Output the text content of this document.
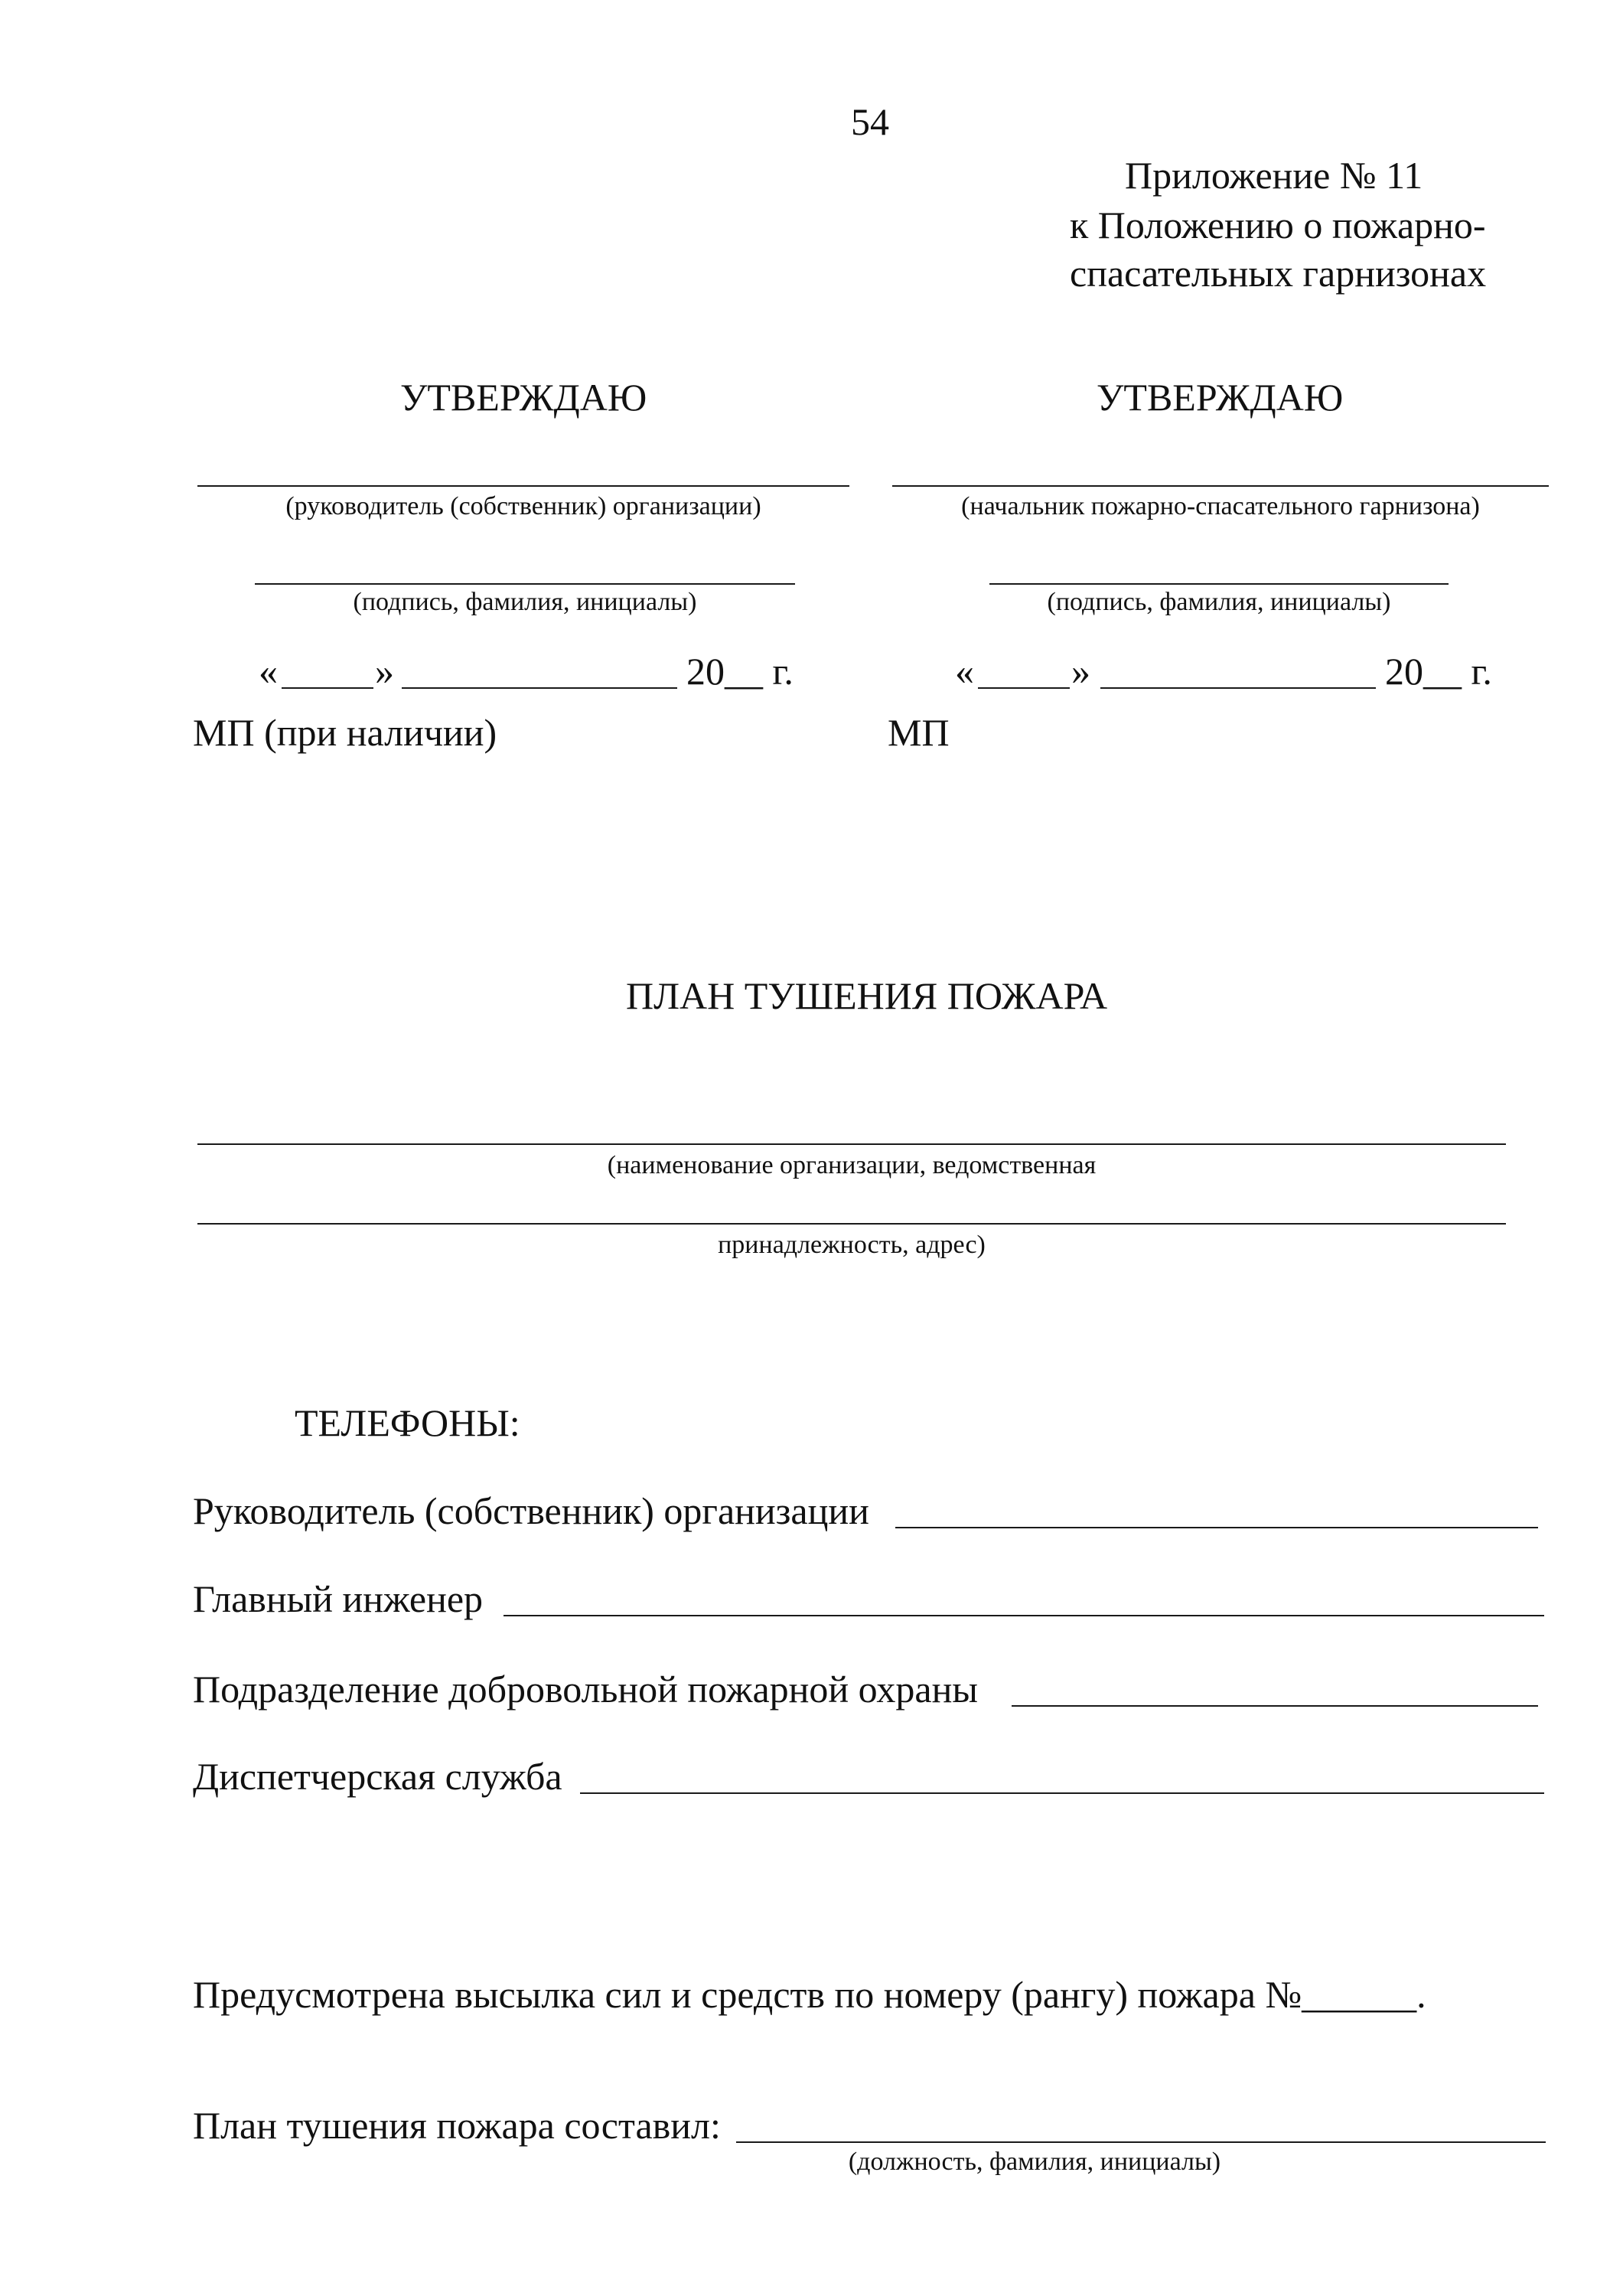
54
Приложение № 11
к Положению о пожарно-
спасательных гарнизонах
УТВЕРЖДАЮ
(руководитель (собственник) организации)
(подпись, фамилия, инициалы)
«	»	20__ г.
МП (при наличии)
УТВЕРЖДАЮ
(начальник пожарно-спасательного гарнизона)
(подпись, фамилия, инициалы)
«	»	20__ г.
МП
ПЛАН ТУШЕНИЯ ПОЖАРА
(наименование организации, ведомственная
принадлежность, адрес)
ТЕЛЕФОНЫ:
Руководитель (собственник) организации
Главный инженер
Подразделение добровольной пожарной охраны
Диспетчерская служба
Предусмотрена высылка сил и средств по номеру (рангу) пожара №______.
План тушения пожара составил:
(должность, фамилия, инициалы)
